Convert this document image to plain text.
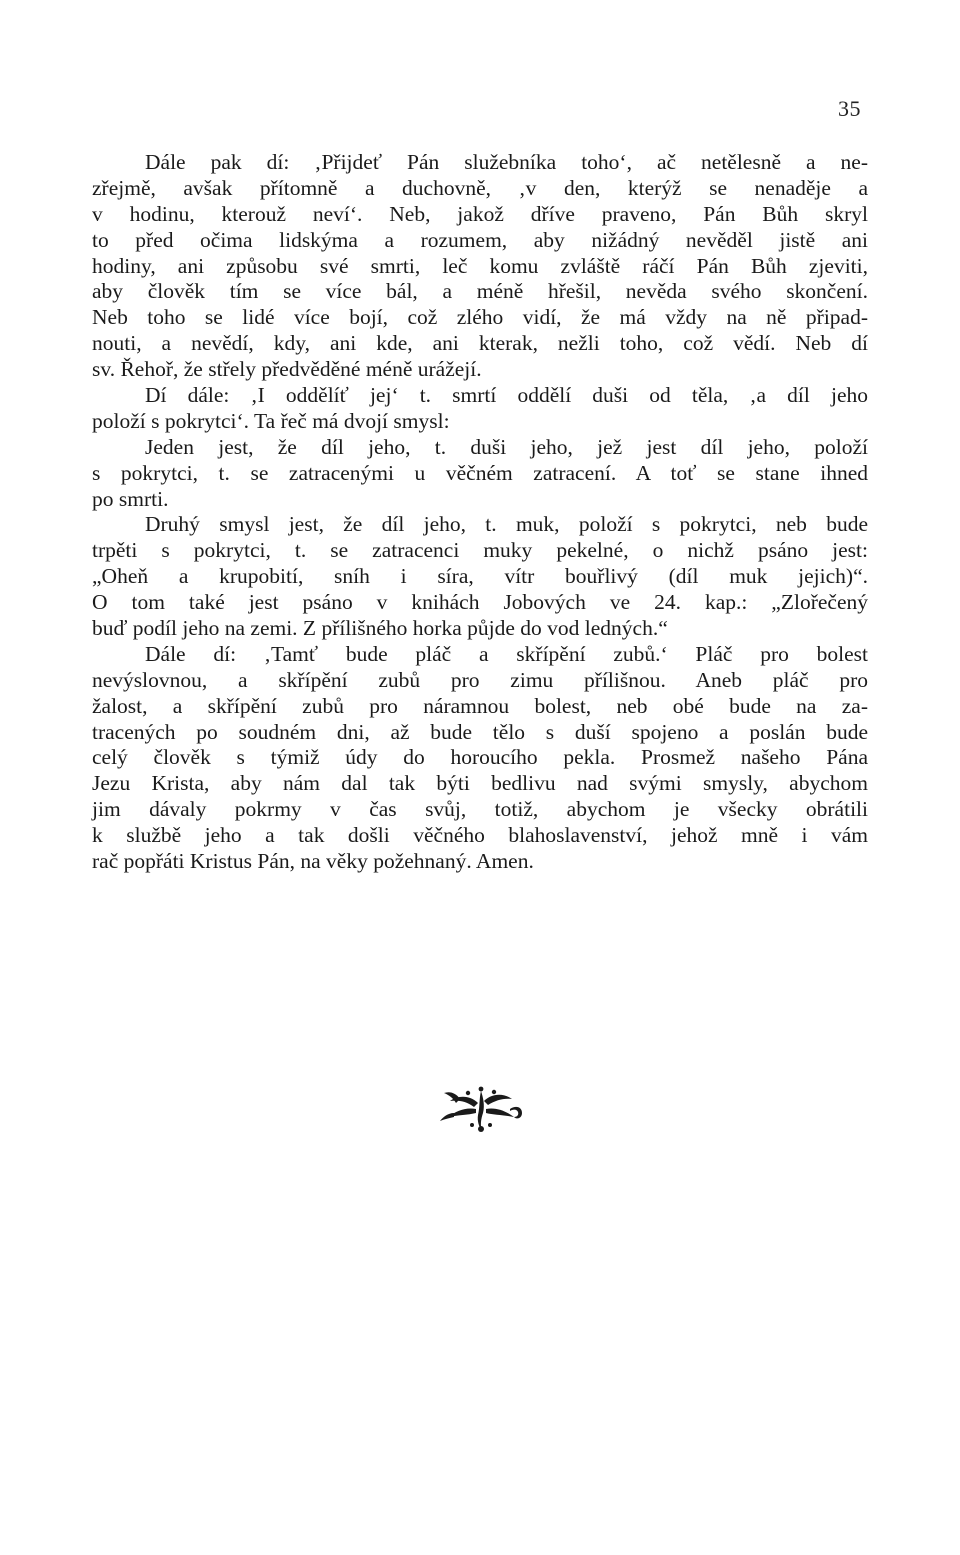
35
Dále pak dí: ‚Přijdeť Pán služebníka toho‘, ač netělesně a ne-
zřejmě, avšak přítomně a duchovně, ‚v den, kterýž se nenaděje a
v hodinu, kterouž neví‘. Neb, jakož dříve praveno, Pán Bůh skryl
to před očima lidskýma a rozumem, aby nižádný nevěděl jistě ani
hodiny, ani způsobu své smrti, leč komu zvláště ráčí Pán Bůh zjeviti,
aby člověk tím se více bál, a méně hřešil, nevěda svého skončení.
Neb toho se lidé více bojí, což zlého vidí, že má vždy na ně připad-
nouti, a nevědí, kdy, ani kde, ani kterak, nežli toho, což vědí. Neb dí
sv. Řehoř, že střely předvěděné méně urážejí.
Dí dále: ‚I oddělíť jej‘ t. smrtí oddělí duši od těla, ‚a díl jeho
položí s pokrytci‘. Ta řeč má dvojí smysl:
Jeden jest, že díl jeho, t. duši jeho, jež jest díl jeho, položí
s pokrytci, t. se zatracenými u věčném zatracení. A toť se stane ihned
po smrti.
Druhý smysl jest, že díl jeho, t. muk, položí s pokrytci, neb bude
trpěti s pokrytci, t. se zatracenci muky pekelné, o nichž psáno jest:
„Oheň a krupobití, sníh i síra, vítr bouřlivý (díl muk jejich)“.
O tom také jest psáno v knihách Jobových ve 24. kap.: „Zlořečený
buď podíl jeho na zemi. Z přílišného horka půjde do vod ledných.“
Dále dí: ‚Tamť bude pláč a skřípění zubů.‘ Pláč pro bolest
nevýslovnou, a skřípění zubů pro zimu přílišnou. Aneb pláč pro
žalost, a skřípění zubů pro náramnou bolest, neb obé bude na za-
tracených po soudném dni, až bude tělo s duší spojeno a poslán bude
celý člověk s týmiž údy do horoucího pekla. Prosmež našeho Pána
Jezu Krista, aby nám dal tak býti bedlivu nad svými smysly, abychom
jim dávaly pokrmy v čas svůj, totiž, abychom je všecky obrátili
k službě jeho a tak došli věčného blahoslavenství, jehož mně i vám
rač popřáti Kristus Pán, na věky požehnaný. Amen.
